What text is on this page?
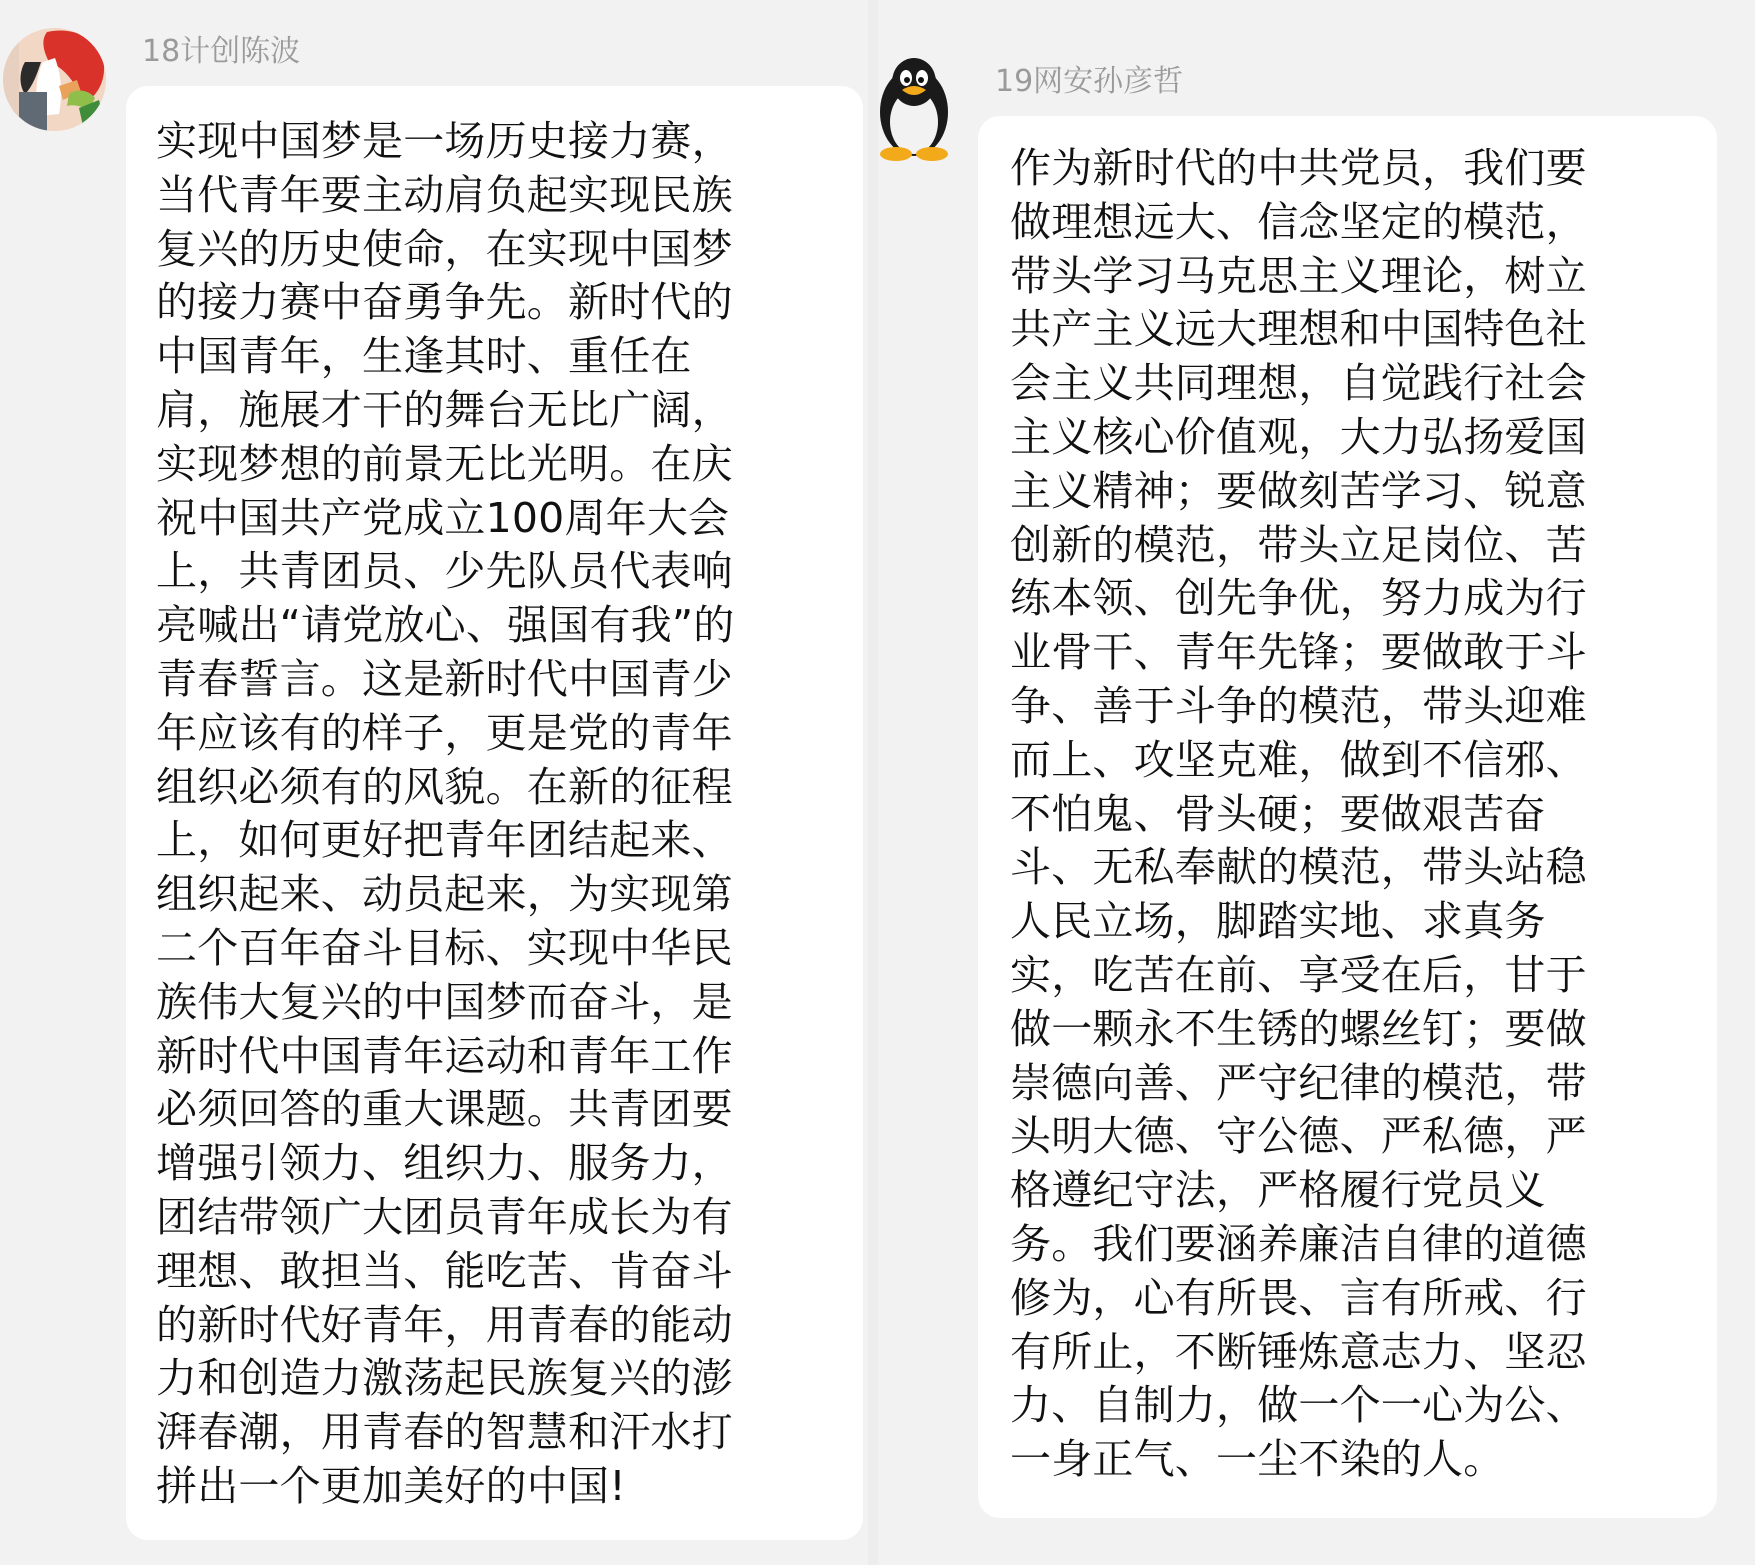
18计创陈波
实现中国梦是一场历史接力赛，
当代青年要主动肩负起实现民族
复兴的历史使命，在实现中国梦
的接力赛中奋勇争先。新时代的
中国青年，生逢其时、重任在
肩，施展才干的舞台无比广阔，
实现梦想的前景无比光明。在庆
祝中国共产党成立100周年大会
上，共青团员、少先队员代表响
亮喊出“请党放心、强国有我”的
青春誓言。这是新时代中国青少
年应该有的样子，更是党的青年
组织必须有的风貌。在新的征程
上，如何更好把青年团结起来、
组织起来、动员起来，为实现第
二个百年奋斗目标、实现中华民
族伟大复兴的中国梦而奋斗，是
新时代中国青年运动和青年工作
必须回答的重大课题。共青团要
增强引领力、组织力、服务力，
团结带领广大团员青年成长为有
理想、敢担当、能吃苦、肯奋斗
的新时代好青年，用青春的能动
力和创造力激荡起民族复兴的澎
湃春潮，用青春的智慧和汗水打
拼出一个更加美好的中国!
19网安孙彦哲
作为新时代的中共党员，我们要
做理想远大、信念坚定的模范，
带头学习马克思主义理论，树立
共产主义远大理想和中国特色社
会主义共同理想，自觉践行社会
主义核心价值观，大力弘扬爱国
主义精神；要做刻苦学习、锐意
创新的模范，带头立足岗位、苦
练本领、创先争优，努力成为行
业骨干、青年先锋；要做敢于斗
争、善于斗争的模范，带头迎难
而上、攻坚克难，做到不信邪、
不怕鬼、骨头硬；要做艰苦奋
斗、无私奉献的模范，带头站稳
人民立场，脚踏实地、求真务
实，吃苦在前、享受在后，甘于
做一颗永不生锈的螺丝钉；要做
崇德向善、严守纪律的模范，带
头明大德、守公德、严私德，严
格遵纪守法，严格履行党员义
务。我们要涵养廉洁自律的道德
修为，心有所畏、言有所戒、行
有所止，不断锤炼意志力、坚忍
力、自制力，做一个一心为公、
一身正气、一尘不染的人。
